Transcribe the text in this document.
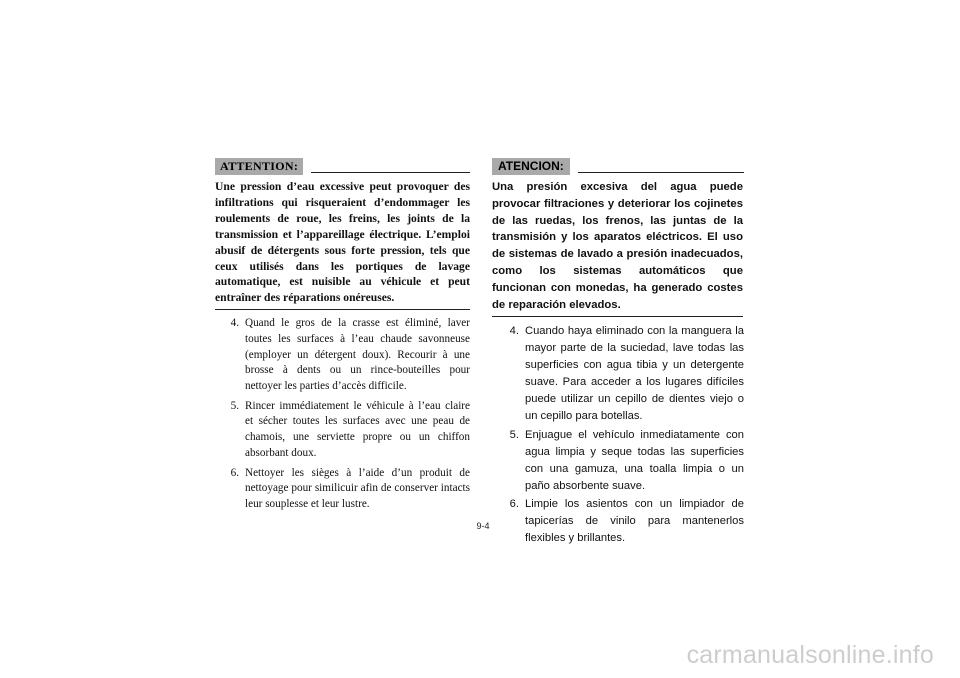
ATTENTION:

Une pression d’eau excessive peut provoquer des infiltrations qui risqueraient d’endommager les roulements de roue, les freins, les joints de la transmission et l’appareillage électrique. L’emploi abusif de détergents sous forte pression, tels que ceux utilisés dans les portiques de lavage automatique, est nuisible au véhicule et peut entraîner des réparations onéreuses.

4. Quand le gros de la crasse est éliminé, laver toutes les surfaces à l’eau chaude savonneuse (employer un détergent doux). Recourir à une brosse à dents ou un rince-bouteilles pour nettoyer les parties d’accès difficile.
5. Rincer immédiatement le véhicule à l’eau claire et sécher toutes les surfaces avec une peau de chamois, une serviette propre ou un chiffon absorbant doux.
6. Nettoyer les sièges à l’aide d’un produit de nettoyage pour similicuir afin de conserver intacts leur souplesse et leur lustre.
ATENCION:

Una presión excesiva del agua puede provocar filtraciones y deteriorar los cojinetes de las ruedas, los frenos, las juntas de la transmisión y los aparatos eléctricos. El uso de sistemas de lavado a presión inadecuados, como los sistemas automáticos que funcionan con monedas, ha generado costes de reparación elevados.

4. Cuando haya eliminado con la manguera la mayor parte de la suciedad, lave todas las superficies con agua tibia y un detergente suave. Para acceder a los lugares difíciles puede utilizar un cepillo de dientes viejo o un cepillo para botellas.
5. Enjuague el vehículo inmediatamente con agua limpia y seque todas las superficies con una gamuza, una toalla limpia o un paño absorbente suave.
6. Limpie los asientos con un limpiador de tapicerías de vinilo para mantenerlos flexibles y brillantes.
9-4
carmanualsonline.info
